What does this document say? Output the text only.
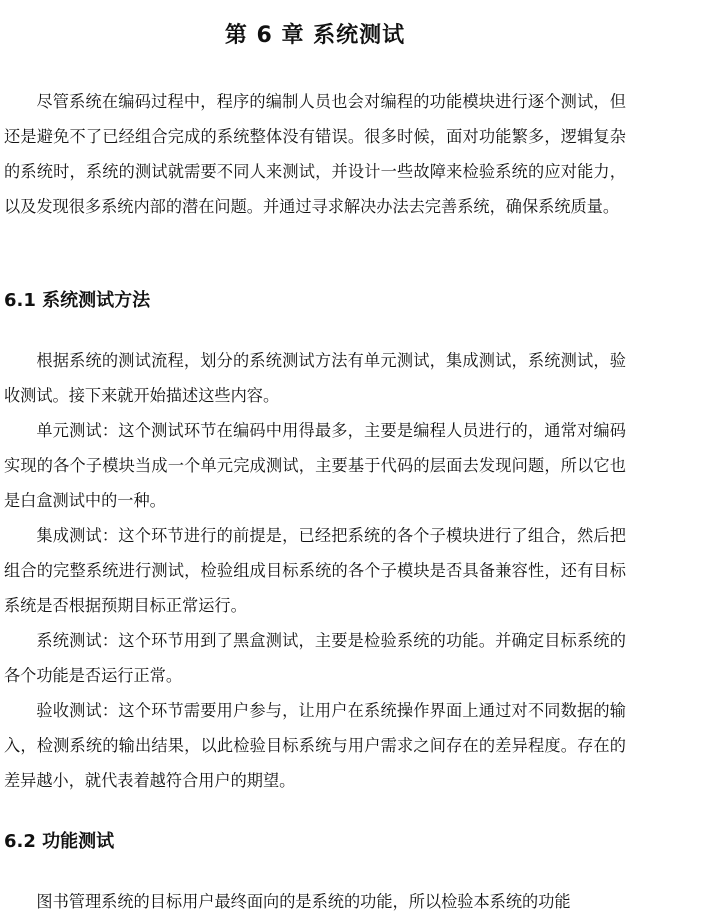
第 6 章 系统测试

尽管系统在编码过程中，程序的编制人员也会对编程的功能模块进行逐个测试，但还是避免不了已经组合完成的系统整体没有错误。很多时候，面对功能繁多，逻辑复杂的系统时，系统的测试就需要不同人来测试，并设计一些故障来检验系统的应对能力，以及发现很多系统内部的潜在问题。并通过寻求解决办法去完善系统，确保系统质量。

6.1 系统测试方法

根据系统的测试流程，划分的系统测试方法有单元测试，集成测试，系统测试，验收测试。接下来就开始描述这些内容。

单元测试：这个测试环节在编码中用得最多，主要是编程人员进行的，通常对编码实现的各个子模块当成一个单元完成测试，主要基于代码的层面去发现问题，所以它也是白盒测试中的一种。

集成测试：这个环节进行的前提是，已经把系统的各个子模块进行了组合，然后把组合的完整系统进行测试，检验组成目标系统的各个子模块是否具备兼容性，还有目标系统是否根据预期目标正常运行。

系统测试：这个环节用到了黑盒测试，主要是检验系统的功能。并确定目标系统的各个功能是否运行正常。

验收测试：这个环节需要用户参与，让用户在系统操作界面上通过对不同数据的输入，检测系统的输出结果，以此检验目标系统与用户需求之间存在的差异程度。存在的差异越小，就代表着越符合用户的期望。

6.2 功能测试

图书管理系统的目标用户最终面向的是系统的功能，所以检验本系统的功能
